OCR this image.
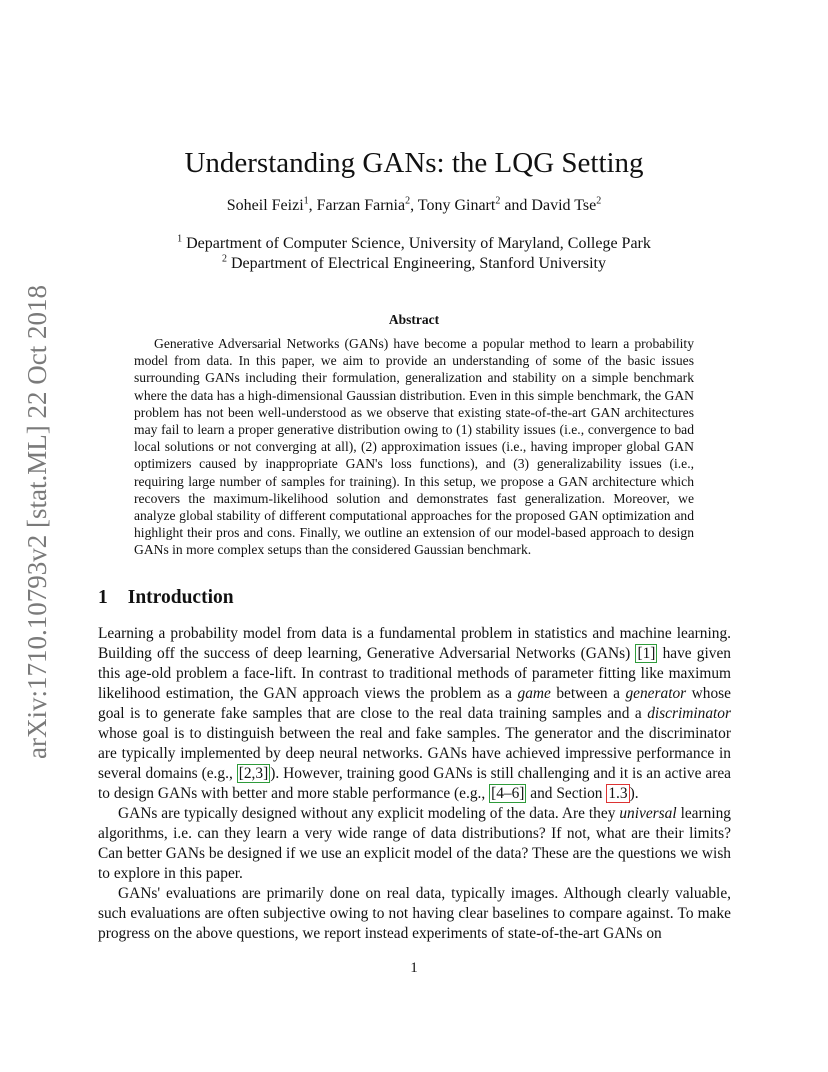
arXiv:1710.10793v2 [stat.ML] 22 Oct 2018
Understanding GANs: the LQG Setting
Soheil Feizi$^1$, Farzan Farnia$^2$, Tony Ginart$^2$ and David Tse$^2$
$^1$ Department of Computer Science, University of Maryland, College Park
$^2$ Department of Electrical Engineering, Stanford University
Abstract
Generative Adversarial Networks (GANs) have become a popular method to learn a probability model from data. In this paper, we aim to provide an understanding of some of the basic issues surrounding GANs including their formulation, generalization and stability on a simple benchmark where the data has a high-dimensional Gaussian distribution. Even in this simple benchmark, the GAN problem has not been well-understood as we observe that existing state-of-the-art GAN architectures may fail to learn a proper generative distribution owing to (1) stability issues (i.e., convergence to bad local solutions or not converging at all), (2) approximation issues (i.e., having improper global GAN optimizers caused by inappropriate GAN's loss functions), and (3) generalizability issues (i.e., requiring large number of samples for training). In this setup, we propose a GAN architecture which recovers the maximum-likelihood solution and demonstrates fast generalization. Moreover, we analyze global stability of different computational approaches for the proposed GAN optimization and highlight their pros and cons. Finally, we outline an extension of our model-based approach to design GANs in more complex setups than the considered Gaussian benchmark.
1 Introduction

Learning a probability model from data is a fundamental problem in statistics and machine learning. Building off the success of deep learning, Generative Adversarial Networks (GANs) [1] have given this age-old problem a face-lift. In contrast to traditional methods of parameter fitting like maximum likelihood estimation, the GAN approach views the problem as a game between a generator whose goal is to generate fake samples that are close to the real data training samples and a discriminator whose goal is to distinguish between the real and fake samples. The generator and the discriminator are typically implemented by deep neural networks. GANs have achieved impressive performance in several domains (e.g., [2,3] ). However, training good GANs is still challenging and it is an active area to design GANs with better and more stable performance (e.g., [4–6] and Section 1.3 ).

GANs are typically designed without any explicit modeling of the data. Are they universal learning algorithms, i.e. can they learn a very wide range of data distributions? If not, what are their limits? Can better GANs be designed if we use an explicit model of the data? These are the questions we wish to explore in this paper.

GANs' evaluations are primarily done on real data, typically images. Although clearly valuable, such evaluations are often subjective owing to not having clear baselines to compare against. To make progress on the above questions, we report instead experiments of state-of-the-art GANs on

1
